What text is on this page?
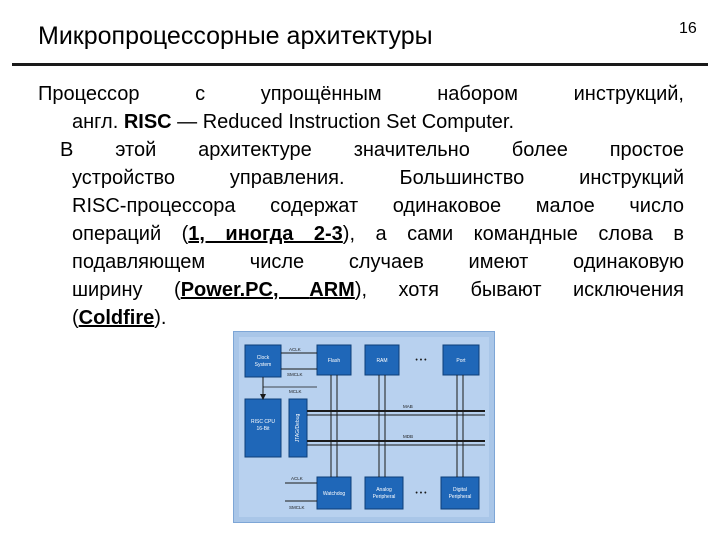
Микропроцессорные архитектуры	16
Процессор с упрощённым набором инструкций,
англ. RISC — Reduced Instruction Set Computer.
В этой архитектуре значительно более простое
устройство управления. Большинство инструкций
RISC-процессора содержат одинаковое малое число
операций (1, иногда 2-3), а сами командные слова в
подавляющем числе случаев имеют одинаковую
ширину (Power.PC, ARM), хотя бывают исключения
(Coldfire).
Clock
System
RISC CPU
16-Bit	JTAG/Debug
Flash	RAM	Port
• • •
Watchdog
Analog
Peripheral
Digital
Peripheral
• • •
ACLK
SMCLK
MCLK
MAB
MDB
ACLK
SMCLK
